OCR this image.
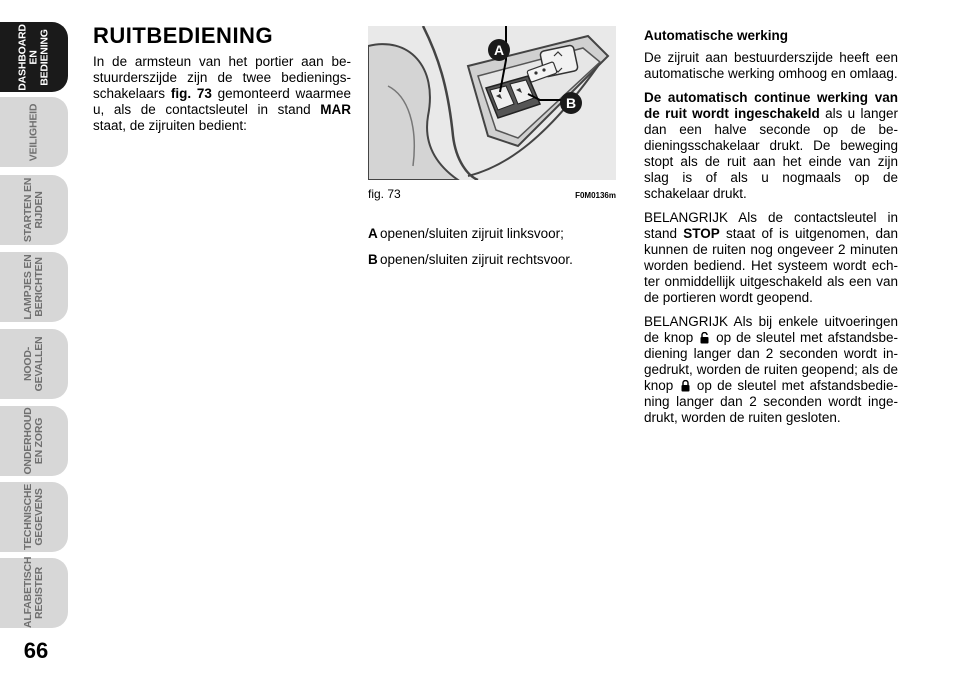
DASHBOARD
EN BEDIENING
VEILIGHEID
STARTEN EN
RIJDEN
LAMPJES EN
BERICHTEN
NOOD-
GEVALLEN
ONDERHOUD
EN ZORG
TECHNISCHE
GEGEVENS
ALFABETISCH
REGISTER
66
RUITBEDIENING

In de armsteun van het portier aan be-stuurderszijde zijn de twee bedienings-schakelaars fig. 73 gemonteerd waarmee u, als de contactsleutel in stand MAR staat, de zijruiten bedient:

A
B
fig. 73	F0M0136m
A openen/sluiten zijruit linksvoor;
B openen/sluiten zijruit rechtsvoor.
Automatische werking

De zijruit aan bestuurderszijde heeft een automatische werking omhoog en omlaag.

De automatisch continue werking van de ruit wordt ingeschakeld als u langer dan een halve seconde op de be-dieningsschakelaar drukt. De beweging stopt als de ruit aan het einde van zijn slag is of als u nogmaals op de schakelaar drukt.

BELANGRIJK Als de contactsleutel in stand STOP staat of is uitgenomen, dan kunnen de ruiten nog ongeveer 2 minuten worden bediend. Het systeem wordt ech-ter onmiddellijk uitgeschakeld als een van de portieren wordt geopend.

BELANGRIJK Als bij enkele uitvoeringen de knop  op de sleutel met afstandsbe-diening langer dan 2 seconden wordt in-gedrukt, worden de ruiten geopend; als de knop  op de sleutel met afstandsbedie-ning langer dan 2 seconden wordt inge-drukt, worden de ruiten gesloten.
